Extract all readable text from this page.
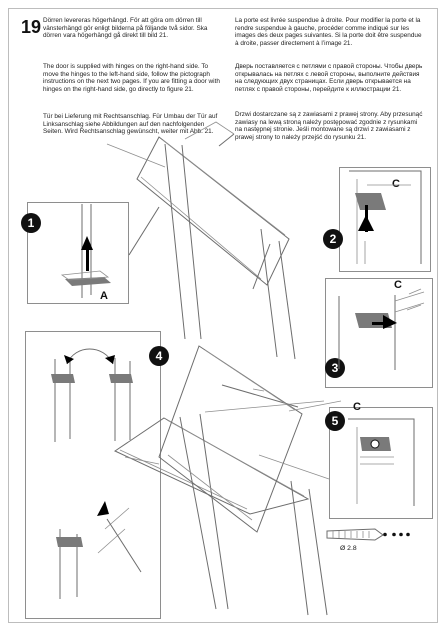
19 Dörren levereras högerhängd. För att göra om dörren till vänsterhängd gör enligt bilderna på följande två sidor. Ska dörren vara högerhängd gå direkt till bild 21.
The door is supplied with hinges on the right-hand side. To move the hinges to the left-hand side, follow the pictograph instructions on the next two pages. If you are fitting a door with hinges on the right-hand side, go directly to figure 21.
Tür bei Lieferung mit Rechtsanschlag. Für Umbau der Tür auf Linksanschlag siehe Abbildungen auf den nachfolgenden Seiten. Wird Rechtsanschlag gewünscht, weiter mit Abb. 21.
La porte est livrée suspendue à droite. Pour modifier la porte et la rendre suspendue à gauche, procéder comme indiqué sur les images des deux pages suivantes. Si la porte doit être suspendue à droite, passer directement à l’image 21.
Дверь поставляется с петлями с правой стороны. Чтобы дверь открывалась на петлях с левой стороны, выполните действия на следующих двух страницах. Если дверь открывается на петлях с правой стороны, перейдите к иллюстрации 21.
Drzwi dostarczane są z zawiasami z prawej strony. Aby przesunąć zawiasy na lewą stroną należy postępować zgodnie z rysunkami na następnej stronie. Jeśli montowane są drzwi z zawiasami z prawej strony to należy przejść do rysunku 21.
1
2
3
4
5
A
C
C
C
Ø 2.8
